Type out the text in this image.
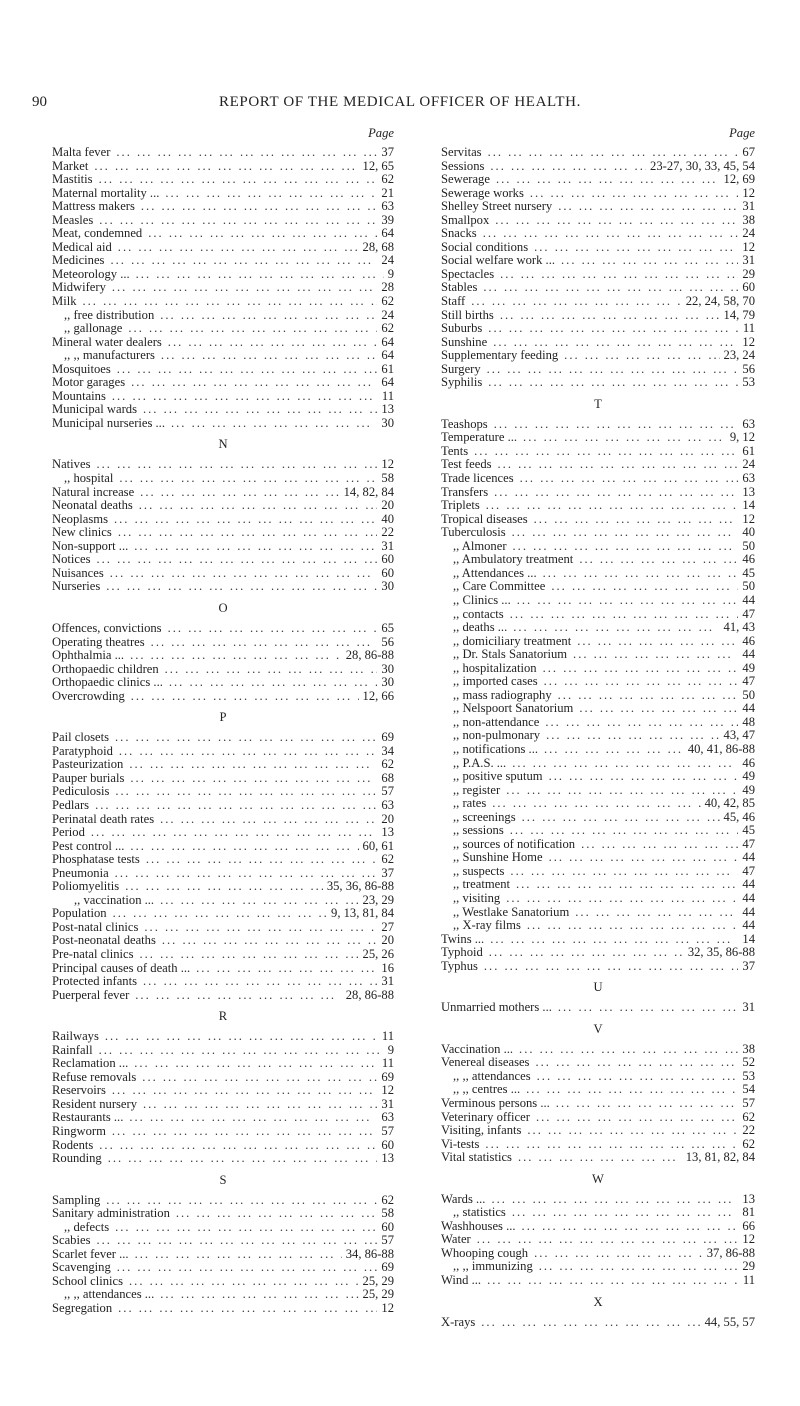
90	REPORT OF THE MEDICAL OFFICER OF HEALTH.
Page
Malta fever ... .	37
Market ... .	12, 65
Mastitis ... .	62
Maternal mortality ... ... .	21
Mattress makers ... .	63
Measles ... .	39
Meat, condemned ... .	64
Medical aid ... .	28, 68
Medicines ... .	24
Meteorology ... ... .	9
Midwifery ... .	28
Milk ... .	62
,, free distribution ... .	24
,, gallonage ... .	62
Mineral water dealers ... .	64
,, ,, manufacturers ... .	64
Mosquitoes ... .	61
Motor garages ... .	64
Mountains ... .	11
Municipal wards ... .	13
Municipal nurseries ... ... .	30
N
Natives ... .	12
,, hospital ... .	58
Natural increase ... .	14, 82, 84
Neonatal deaths ... .	20
Neoplasms ... .	40
New clinics ... .	22
Non-support ... ... .	31
Notices ... .	60
Nuisances ... .	60
Nurseries ... .	30
O
Offences, convictions ... .	65
Operating theatres ... .	56
Ophthalmia ... ... .	28, 86-88
Orthopaedic children ... .	30
Orthopaedic clinics ... ... .	30
Overcrowding ... .	12, 66
P
Pail closets ... .	69
Paratyphoid ... .	34
Pasteurization ... .	62
Pauper burials ... .	68
Pediculosis ... .	57
Pedlars ... .	63
Perinatal death rates ... .	20
Period ... .	13
Pest control ... ... .	60, 61
Phosphatase tests ... .	62
Pneumonia ... .	37
Poliomyelitis ... .	35, 36, 86-88
,, vaccination ... ... .	23, 29
Population ... .	9, 13, 81, 84
Post-natal clinics ... .	27
Post-neonatal deaths ... .	20
Pre-natal clinics ... .	25, 26
Principal causes of death ... ... .	16
Protected infants ... .	31
Puerperal fever ... .	28, 86-88
R
Railways ... .	11
Rainfall ... .	9
Reclamation ... ... .	11
Refuse removals ... .	69
Reservoirs ... .	12
Resident nursery ... .	31
Restaurants ... ... .	63
Ringworm ... .	57
Rodents ... .	60
Rounding ... .	13
S
Sampling ... .	62
Sanitary administration ... .	58
,, defects ... .	60
Scabies ... .	57
Scarlet fever ... ... .	34, 86-88
Scavenging ... .	69
School clinics ... .	25, 29
,, ,, attendances ... ... .	25, 29
Segregation ... .	12
Page
Servitas ... .	67
Sessions ... .	23-27, 30, 33, 45, 54
Sewerage ... .	12, 69
Sewerage works ... .	12
Shelley Street nursery ... .	31
Smallpox ... .	38
Snacks ... .	24
Social conditions ... .	12
Social welfare work ... ... .	31
Spectacles ... .	29
Stables ... .	60
Staff ... .	22, 24, 58, 70
Still births ... .	14, 79
Suburbs ... .	11
Sunshine ... .	12
Supplementary feeding ... .	23, 24
Surgery ... .	56
Syphilis ... .	53
T
Teashops ... .	63
Temperature ... ... .	9, 12
Tents ... .	61
Test feeds ... .	24
Trade licences ... .	63
Transfers ... .	13
Triplets ... .	14
Tropical diseases ... .	12
Tuberculosis ... .	40
,, Almoner ... .	50
,, Ambulatory treatment ... .	46
,, Attendances ... ... .	45
,, Care Committee ... .	50
,, Clinics ... ... .	44
,, contacts ... .	47
,, deaths ... ... .	41, 43
,, domiciliary treatment ... .	46
,, Dr. Stals Sanatorium ... .	44
,, hospitalization ... .	49
,, imported cases ... .	47
,, mass radiography ... .	50
,, Nelspoort Sanatorium ... .	44
,, non-attendance ... .	48
,, non-pulmonary ... .	43, 47
,, notifications ... ... .	40, 41, 86-88
,, P.A.S. ... ... .	46
,, positive sputum ... .	49
,, register ... .	49
,, rates ... .	40, 42, 85
,, screenings ... .	45, 46
,, sessions ... .	45
,, sources of notification ... .	47
,, Sunshine Home ... .	44
,, suspects ... .	47
,, treatment ... .	44
,, visiting ... .	44
,, Westlake Sanatorium ... .	44
,, X-ray films ... .	44
Twins ... ... .	14
Typhoid ... .	32, 35, 86-88
Typhus ... .	37
U
Unmarried mothers ... ... .	31
V
Vaccination ... ... .	38
Venereal diseases ... .	52
,, ,, attendances ... .	53
,, ,, centres ... ... .	54
Verminous persons ... ... .	57
Veterinary officer ... .	62
Visiting, infants ... .	22
Vi-tests ... .	62
Vital statistics ... .	13, 81, 82, 84
W
Wards ... ... .	13
,, statistics ... .	81
Washhouses ... ... .	66
Water ... .	12
Whooping cough ... .	37, 86-88
,, ,, immunizing ... .	29
Wind ... ... .	11
X
X-rays ... .	44, 55, 57
